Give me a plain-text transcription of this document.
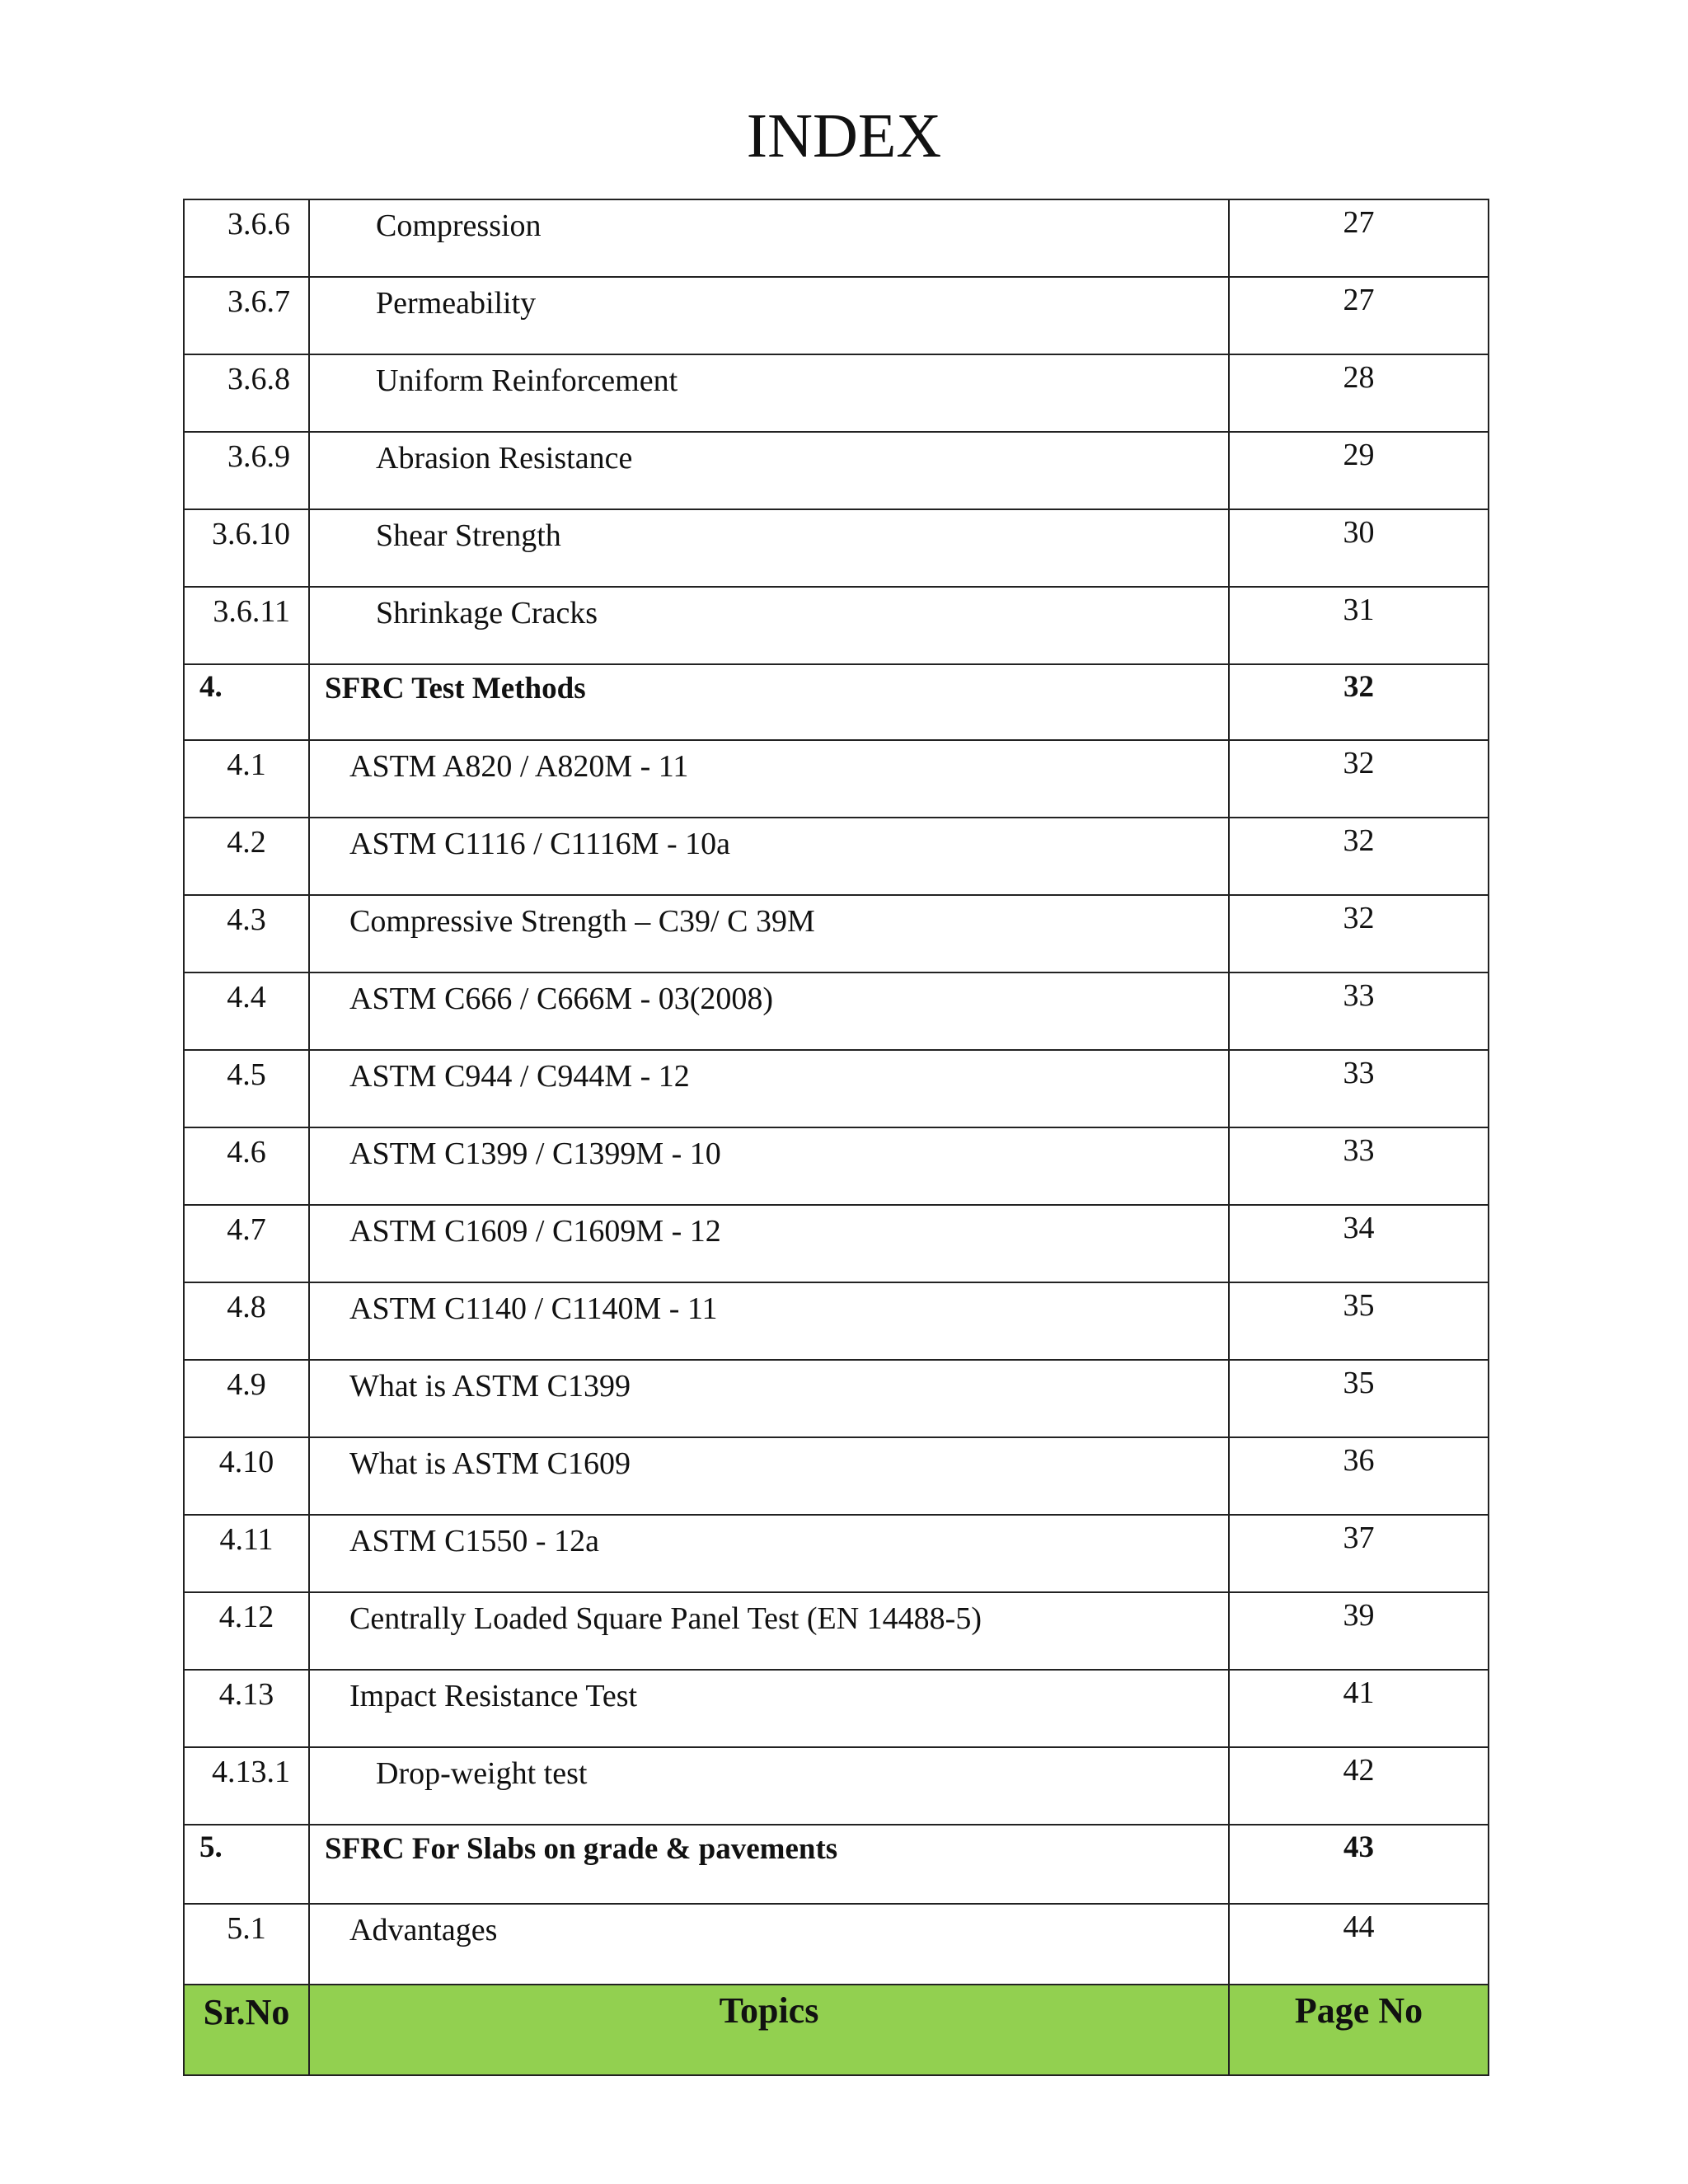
INDEX
3.6.6	Compression	27
3.6.7	Permeability	27
3.6.8	Uniform Reinforcement	28
3.6.9	Abrasion Resistance	29
3.6.10	Shear Strength	30
3.6.11	Shrinkage Cracks	31
4.	SFRC Test Methods	32
4.1	ASTM A820 / A820M - 11	32
4.2	ASTM C1116 / C1116M - 10a	32
4.3	Compressive Strength – C39/ C 39M	32
4.4	ASTM C666 / C666M - 03(2008)	33
4.5	ASTM C944 / C944M - 12	33
4.6	ASTM C1399 / C1399M - 10	33
4.7	ASTM C1609 / C1609M - 12	34
4.8	ASTM C1140 / C1140M - 11	35
4.9	What is ASTM C1399	35
4.10	What is ASTM C1609	36
4.11	ASTM C1550 - 12a	37
4.12	Centrally Loaded Square Panel Test (EN 14488-5)	39
4.13	Impact Resistance Test	41
4.13.1	Drop-weight test	42
5.	SFRC For Slabs on grade & pavements	43
5.1	Advantages	44
Sr.No	Topics	Page No
